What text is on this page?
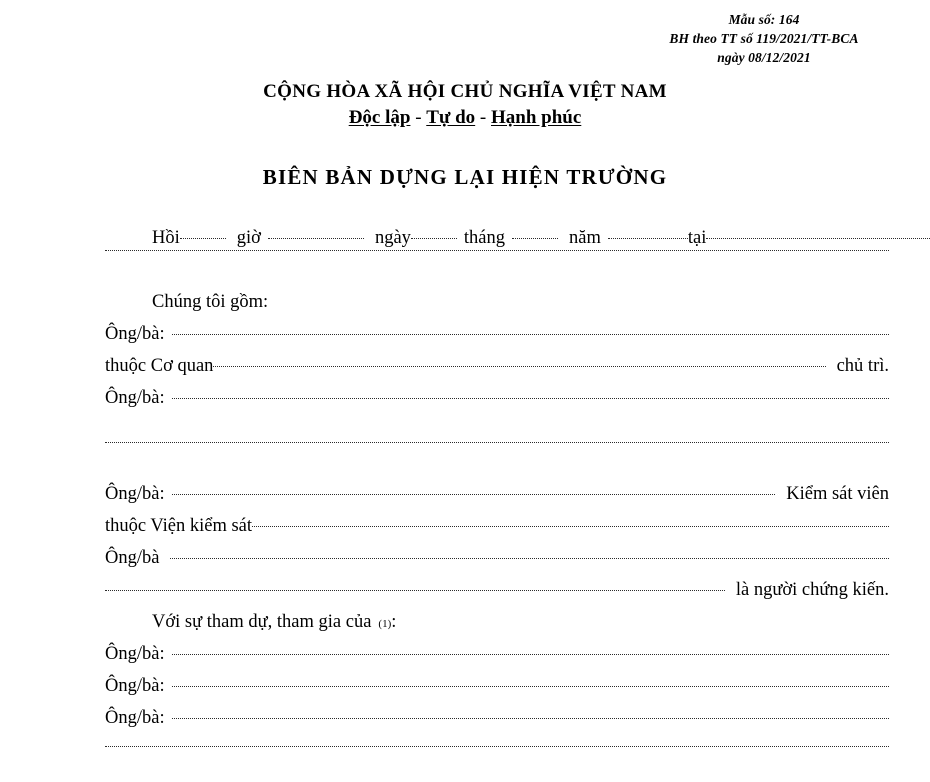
Mẫu số: 164
BH theo TT số 119/2021/TT-BCA
ngày 08/12/2021
CỘNG HÒA XÃ HỘI CHỦ NGHĨA VIỆT NAM
Độc lập - Tự do - Hạnh phúc
BIÊN BẢN DỰNG LẠI HIỆN TRƯỜNG
Hồi	giờ	ngày	tháng	năm	tại
Chúng tôi gồm:
Ông/bà:
thuộc Cơ quan	chủ trì.
Ông/bà:
Ông/bà:	Kiểm sát viên
thuộc Viện kiểm sát
Ông/bà
là người chứng kiến.
Với sự tham dự, tham gia của (1) :
Ông/bà:
Ông/bà:
Ông/bà:
